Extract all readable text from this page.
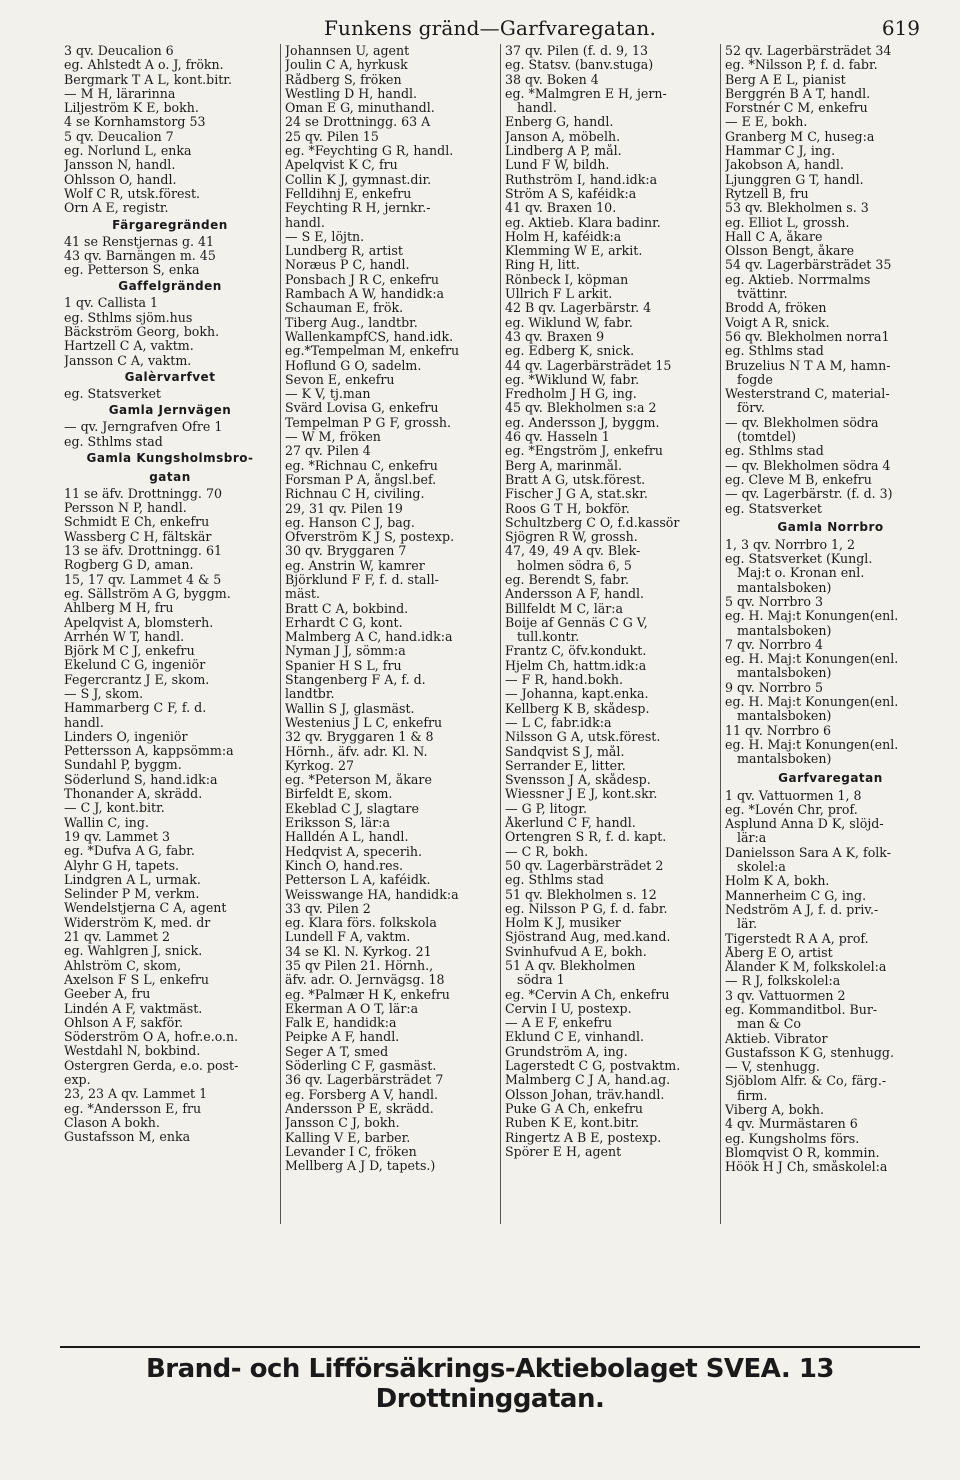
Funkens gränd—Garfvaregatan.	619
3 qv. Deucalion 6
eg. Ahlstedt A o. J, frökn.
Bergmark T A L, kont.bitr.
— M H, lärarinna
Liljeström K E, bokh.
4 se Kornhamstorg 53
5 qv. Deucalion 7
eg. Norlund L, enka
Jansson N, handl.
Ohlsson O, handl.
Wolf C R, utsk.förest.
Örn A E, registr.
Färgaregränden
41 se Renstjernas g. 41
43 qv. Barnängen m. 45
eg. Petterson S, enka
Gaffelgränden
1 qv. Callista 1
eg. Sthlms sjöm.hus
Bäckström Georg, bokh.
Hartzell C A, vaktm.
Jansson C A, vaktm.
Galèrvarfvet
eg. Statsverket
Gamla Jernvägen
— qv. Jerngrafven Öfre 1
eg. Sthlms stad
Gamla Kungsholmsbro-
gatan
11 se äfv. Drottningg. 70
Persson N P, handl.
Schmidt E Ch, enkefru
Wassberg C H, fältskär
13 se äfv. Drottningg. 61
Rogberg G D, aman.
15, 17 qv. Lammet 4 & 5
eg. Sällström A G, byggm.
Ahlberg M H, fru
Apelqvist A, blomsterh.
Arrhén W T, handl.
Björk M C J, enkefru
Ekelund C G, ingeniör
Fegercrantz J E, skom.
— S J, skom.
Hammarberg C F, f. d.
handl.
Linders O, ingeniör
Pettersson A, kappsömm:a
Sundahl P, byggm.
Söderlund S, hand.idk:a
Thonander A, skrädd.
— C J, kont.bitr.
Wallin C, ing.
19 qv. Lammet 3
eg. *Dufva A G, fabr.
Alyhr G H, tapets.
Lindgren A L, urmak.
Selinder P M, verkm.
Wendelstjerna C A, agent
Widerström K, med. dr
21 qv. Lammet 2
eg. Wahlgren J, snick.
Ahlström C, skom,
Axelson F S L, enkefru
Geeber A, fru
Lindén A F, vaktmäst.
Ohlson A F, sakför.
Söderström O A, hofr.e.o.n.
Westdahl N, bokbind.
Östergren Gerda, e.o. post-
exp.
23, 23 A qv. Lammet 1
eg. *Andersson E, fru
Clason A bokh.
Gustafsson M, enka
Johannsen U, agent
Joulin C A, hyrkusk
Rådberg S, fröken
Westling D H, handl.
Öman E G, minuthandl.
24 se Drottningg. 63 A
25 qv. Pilen 15
eg. *Feychting G R, handl.
Apelqvist K C, fru
Collin K J, gymnast.dir.
Felldihnj E, enkefru
Feychting R H, jernkr.-
handl.
— S E, löjtn.
Lundberg R, artist
Noræus P C, handl.
Ponsbach J R C, enkefru
Rambach A W, handidk:a
Schauman E, frök.
Tiberg Aug., landtbr.
WallenkampfCS, hand.idk.
eg.*Tempelman M, enkefru
Hoflund G O, sadelm.
Sevon E, enkefru
— K V, tj.man
Svärd Lovisa G, enkefru
Tempelman P G F, grossh.
— W M, fröken
27 qv. Pilen 4
eg. *Richnau C, enkefru
Forsman P A, ångsl.bef.
Richnau C H, civiling.
29, 31 qv. Pilen 19
eg. Hanson C J, bag.
Öfverström K J S, postexp.
30 qv. Bryggaren 7
eg. Anstrin W, kamrer
Björklund F F, f. d. stall-
mäst.
Bratt C A, bokbind.
Erhardt C G, kont.
Malmberg A C, hand.idk:a
Nyman J J, sömm:a
Spanier H S L, fru
Stangenberg F A, f. d.
landtbr.
Wallin S J, glasmäst.
Westenius J L C, enkefru
32 qv. Bryggaren 1 & 8
Hörnh., äfv. adr. Kl. N.
Kyrkog. 27
eg. *Peterson M, åkare
Birfeldt E, skom.
Ekeblad C J, slagtare
Eriksson S, lär:a
Halldén A L, handl.
Hedqvist A, specerih.
Kinch O, hand.res.
Petterson L A, kaféidk.
Weisswange HA, handidk:a
33 qv. Pilen 2
eg. Klara förs. folkskola
Lundell F A, vaktm.
34 se Kl. N. Kyrkog. 21
35 qv Pilen 21. Hörnh.,
äfv. adr. Ö. Jernvägsg. 18
eg. *Palmær H K, enkefru
Ekerman A O T, lär:a
Falk E, handidk:a
Peipke A F, handl.
Seger A T, smed
Söderling C F, gasmäst.
36 qv. Lagerbärsträdet 7
eg. Forsberg A V, handl.
Andersson P E, skrädd.
Jansson C J, bokh.
Kalling V E, barber.
Levander I C, fröken
Mellberg A J D, tapets.)
37 qv. Pilen (f. d. 9, 13
eg. Statsv. (banv.stuga)
38 qv. Boken 4
eg. *Malmgren E H, jern-
handl.
Enberg G, handl.
Janson A, möbelh.
Lindberg A P, mål.
Lund F W, bildh.
Ruthström I, hand.idk:a
Ström A S, kaféidk:a
41 qv. Braxen 10.
eg. Aktieb. Klara badinr.
Holm H, kaféidk:a
Klemming W E, arkit.
Ring H, litt.
Rönbeck I, köpman
Ullrich F L arkit.
42 B qv. Lagerbärstr. 4
eg. Wiklund W, fabr.
43 qv. Braxen 9
eg. Edberg K, snick.
44 qv. Lagerbärsträdet 15
eg. *Wiklund W, fabr.
Fredholm J H G, ing.
45 qv. Blekholmen s:a 2
eg. Andersson J, byggm.
46 qv. Hasseln 1
eg. *Engström J, enkefru
Berg A, marinmål.
Bratt A G, utsk.förest.
Fischer J G A, stat.skr.
Roos G T H, bokför.
Schultzberg C O, f.d.kassör
Sjögren R W, grossh.
47, 49, 49 A qv. Blek-
holmen södra 6, 5
eg. Berendt S, fabr.
Andersson A F, handl.
Billfeldt M C, lär:a
Boije af Gennäs C G V,
tull.kontr.
Frantz C, öfv.kondukt.
Hjelm Ch, hattm.idk:a
— F R, hand.bokh.
— Johanna, kapt.enka.
Kellberg K B, skådesp.
— L C, fabr.idk:a
Nilsson G A, utsk.förest.
Sandqvist S J, mål.
Serrander E, litter.
Svensson J A, skådesp.
Wiessner J E J, kont.skr.
— G P, litogr.
Åkerlund C F, handl.
Örtengren S R, f. d. kapt.
— C R, bokh.
50 qv. Lagerbärsträdet 2
eg. Sthlms stad
51 qv. Blekholmen s. 12
eg. Nilsson P G, f. d. fabr.
Holm K J, musiker
Sjöstrand Aug, med.kand.
Svinhufvud A E, bokh.
51 A qv. Blekholmen
södra 1
eg. *Cervin A Ch, enkefru
Cervin I U, postexp.
— A E F, enkefru
Eklund C E, vinhandl.
Grundström A, ing.
Lagerstedt C G, postvaktm.
Malmberg C J A, hand.ag.
Olsson Johan, träv.handl.
Puke G A Ch, enkefru
Ruben K E, kont.bitr.
Ringertz A B E, postexp.
Spörer E H, agent
52 qv. Lagerbärsträdet 34
eg. *Nilsson P, f. d. fabr.
Berg A E L, pianist
Berggrén B A T, handl.
Forstnér C M, enkefru
— E E, bokh.
Granberg M C, huseg:a
Hammar C J, ing.
Jakobson A, handl.
Ljunggren G T, handl.
Rytzell B, fru
53 qv. Blekholmen s. 3
eg. Elliot L, grossh.
Hall C A, åkare
Olsson Bengt, åkare
54 qv. Lagerbärsträdet 35
eg. Aktieb. Norrmalms
tvättinr.
Brodd A, fröken
Voigt A R, snick.
56 qv. Blekholmen norra1
eg. Sthlms stad
Bruzelius N T A M, hamn-
fogde
Westerstrand C, material-
förv.
— qv. Blekholmen södra
(tomtdel)
eg. Sthlms stad
— qv. Blekholmen södra 4
eg. Cleve M B, enkefru
— qv. Lagerbärstr. (f. d. 3)
eg. Statsverket
Gamla Norrbro
1, 3 qv. Norrbro 1, 2
eg. Statsverket (Kungl.
Maj:t o. Kronan enl.
mantalsboken)
5 qv. Norrbro 3
eg. H. Maj:t Konungen(enl.
mantalsboken)
7 qv. Norrbro 4
eg. H. Maj:t Konungen(enl.
mantalsboken)
9 qv. Norrbro 5
eg. H. Maj:t Konungen(enl.
mantalsboken)
11 qv. Norrbro 6
eg. H. Maj:t Konungen(enl.
mantalsboken)
Garfvaregatan
1 qv. Vattuormen 1, 8
eg. *Lovén Chr, prof.
Asplund Anna D K, slöjd-
lär:a
Danielsson Sara A K, folk-
skolel:a
Holm K A, bokh.
Mannerheim C G, ing.
Nedström A J, f. d. priv.-
lär.
Tigerstedt R A A, prof.
Åberg E O, artist
Ålander K M, folkskolel:a
— R J, folkskolel:a
3 qv. Vattuormen 2
eg. Kommanditbol. Bur-
man & Co
Aktieb. Vibrator
Gustafsson K G, stenhugg.
— V, stenhugg.
Sjöblom Alfr. & Co, färg.-
firm.
Viberg A, bokh.
4 qv. Murmästaren 6
eg. Kungsholms förs.
Blomqvist O R, kommin.
Höök H J Ch, småskolel:a
Brand- och Lifförsäkrings-Aktiebolaget SVEA. 13 Drottninggatan.
